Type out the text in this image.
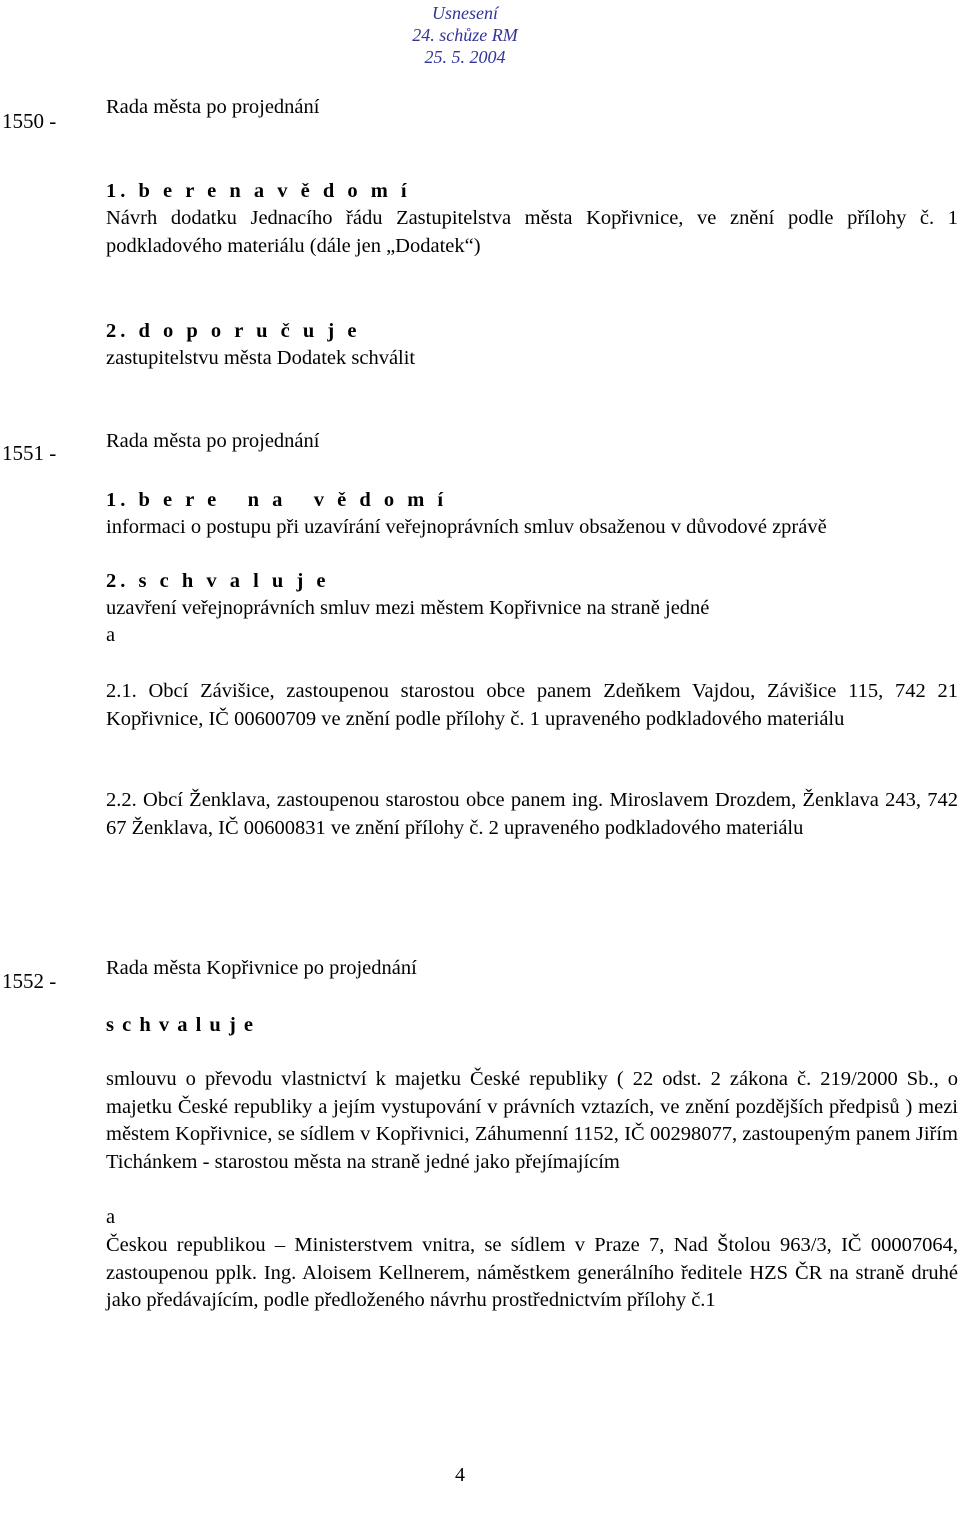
Usnesení
24. schůze RM
25. 5. 2004
1550 -
Rada města po projednání
1. b e r e n a v ě d o m í
Návrh dodatku Jednacího řádu Zastupitelstva města Kopřivnice, ve znění podle přílohy č. 1 podkladového materiálu (dále jen „Dodatek“)
2. d o p o r u č u j e
zastupitelstvu města Dodatek schválit
1551 - Rada města po projednání
1. b e r e   n a   v ě d o m í
informaci o postupu při uzavírání veřejnoprávních smluv obsaženou v důvodové zprávě
2. s c h v a l u j e
uzavření veřejnoprávních smluv mezi městem Kopřivnice na straně jedné
a
2.1. Obcí Závišice, zastoupenou starostou obce panem Zdeňkem Vajdou, Závišice 115, 742 21 Kopřivnice, IČ 00600709 ve znění podle přílohy č. 1 upraveného podkladového materiálu
2.2. Obcí Ženklava, zastoupenou starostou obce panem ing. Miroslavem Drozdem, Ženklava 243, 742 67 Ženklava, IČ 00600831 ve znění přílohy č. 2 upraveného podkladového materiálu
1552 -
Rada města Kopřivnice po projednání
s c h v a l u j e
smlouvu o převodu vlastnictví k majetku České republiky ( 22 odst. 2 zákona č. 219/2000 Sb., o majetku České republiky a jejím vystupování v právních vztazích, ve znění pozdějších předpisů ) mezi městem Kopřivnice, se sídlem v Kopřivnici, Záhumenní 1152, IČ 00298077, zastoupeným panem Jiřím Tichánkem - starostou města na straně jedné jako přejímajícím
a
Českou republikou – Ministerstvem vnitra, se sídlem v Praze 7, Nad Štolou 963/3, IČ 00007064, zastoupenou pplk. Ing. Aloisem Kellnerem, náměstkem generálního ředitele HZS ČR na straně druhé jako předávajícím, podle předloženého návrhu prostřednictvím přílohy č.1
4
